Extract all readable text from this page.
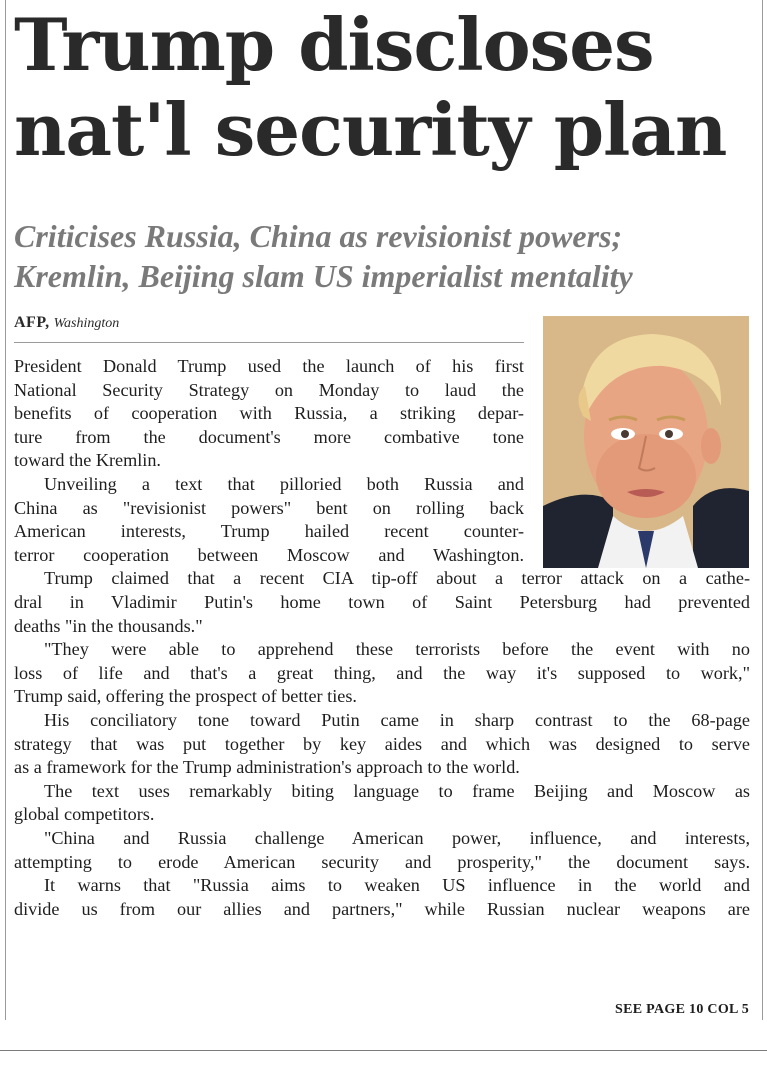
Trump discloses
nat'l security plan
Criticises Russia, China as revisionist powers;
Kremlin, Beijing slam US imperialist mentality
AFP, Washington
President Donald Trump used the launch of his first
National Security Strategy on Monday to laud the
benefits of cooperation with Russia, a striking depar-
ture from the document's more combative tone
toward the Kremlin.
Unveiling a text that pilloried both Russia and
China as "revisionist powers" bent on rolling back
American interests, Trump hailed recent counter-
terror cooperation between Moscow and Washington.
Trump claimed that a recent CIA tip-off about a terror attack on a cathe-
dral in Vladimir Putin's home town of Saint Petersburg had prevented
deaths "in the thousands."
"They were able to apprehend these terrorists before the event with no
loss of life and that's a great thing, and the way it's supposed to work,"
Trump said, offering the prospect of better ties.
His conciliatory tone toward Putin came in sharp contrast to the 68-page
strategy that was put together by key aides and which was designed to serve
as a framework for the Trump administration's approach to the world.
The text uses remarkably biting language to frame Beijing and Moscow as
global competitors.
"China and Russia challenge American power, influence, and interests,
attempting to erode American security and prosperity," the document says.
It warns that "Russia aims to weaken US influence in the world and
divide us from our allies and partners," while Russian nuclear weapons are
SEE PAGE 10 COL 5
